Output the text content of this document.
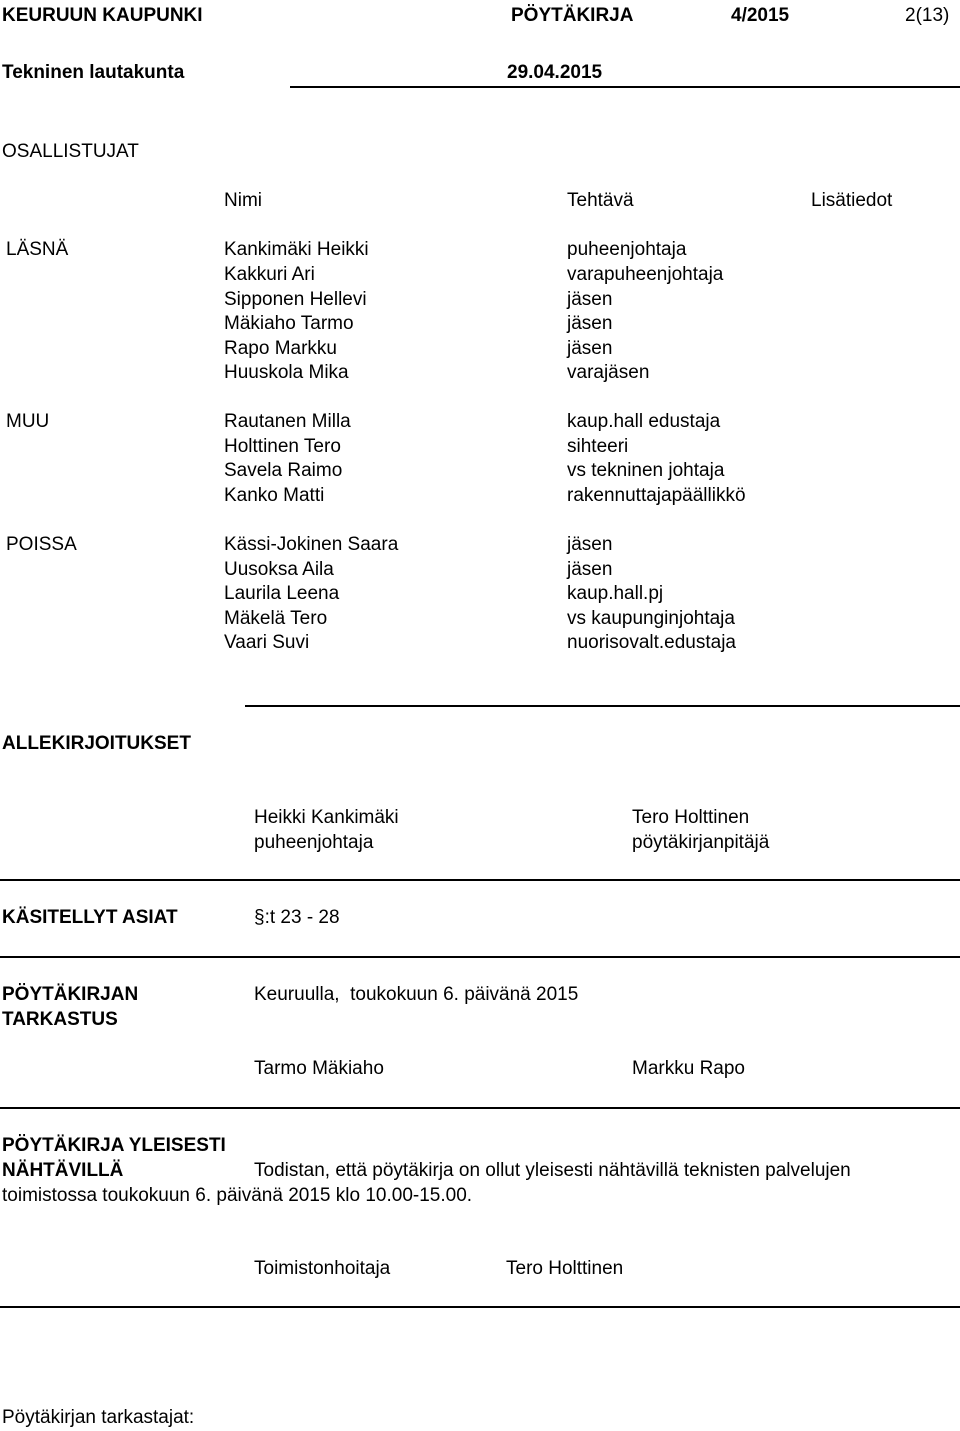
KEURUUN KAUPUNKI	PÖYTÄKIRJA	4/2015	2(13)
Tekninen lautakunta	29.04.2015
OSALLISTUJAT
Nimi	Tehtävä	Lisätiedot
LÄSNÄ	Kankimäki Heikki	puheenjohtaja
Kakkuri Ari	varapuheenjohtaja
Sipponen Hellevi	jäsen
Mäkiaho Tarmo	jäsen
Rapo Markku	jäsen
Huuskola Mika	varajäsen
MUU	Rautanen Milla	kaup.hall edustaja
Holttinen Tero	sihteeri
Savela Raimo	vs tekninen johtaja
Kanko Matti	rakennuttajapäällikkö
POISSA	Kässi-Jokinen Saara	jäsen
Uusoksa Aila	jäsen
Laurila Leena	kaup.hall.pj
Mäkelä Tero	vs kaupunginjohtaja
Vaari Suvi	nuorisovalt.edustaja
ALLEKIRJOITUKSET
Heikki Kankimäki
puheenjohtaja
Tero Holttinen
pöytäkirjanpitäjä
KÄSITELLYT ASIAT	§:t 23 - 28
PÖYTÄKIRJAN
TARKASTUS
Keuruulla,  toukokuun 6. päivänä 2015
Tarmo Mäkiaho	Markku Rapo
PÖYTÄKIRJA YLEISESTI
NÄHTÄVILLÄ	Todistan, että pöytäkirja on ollut yleisesti nähtävillä teknisten palvelujen
toimistossa toukokuun 6. päivänä 2015 klo 10.00-15.00.
Toimistonhoitaja	Tero Holttinen
Pöytäkirjan tarkastajat:
